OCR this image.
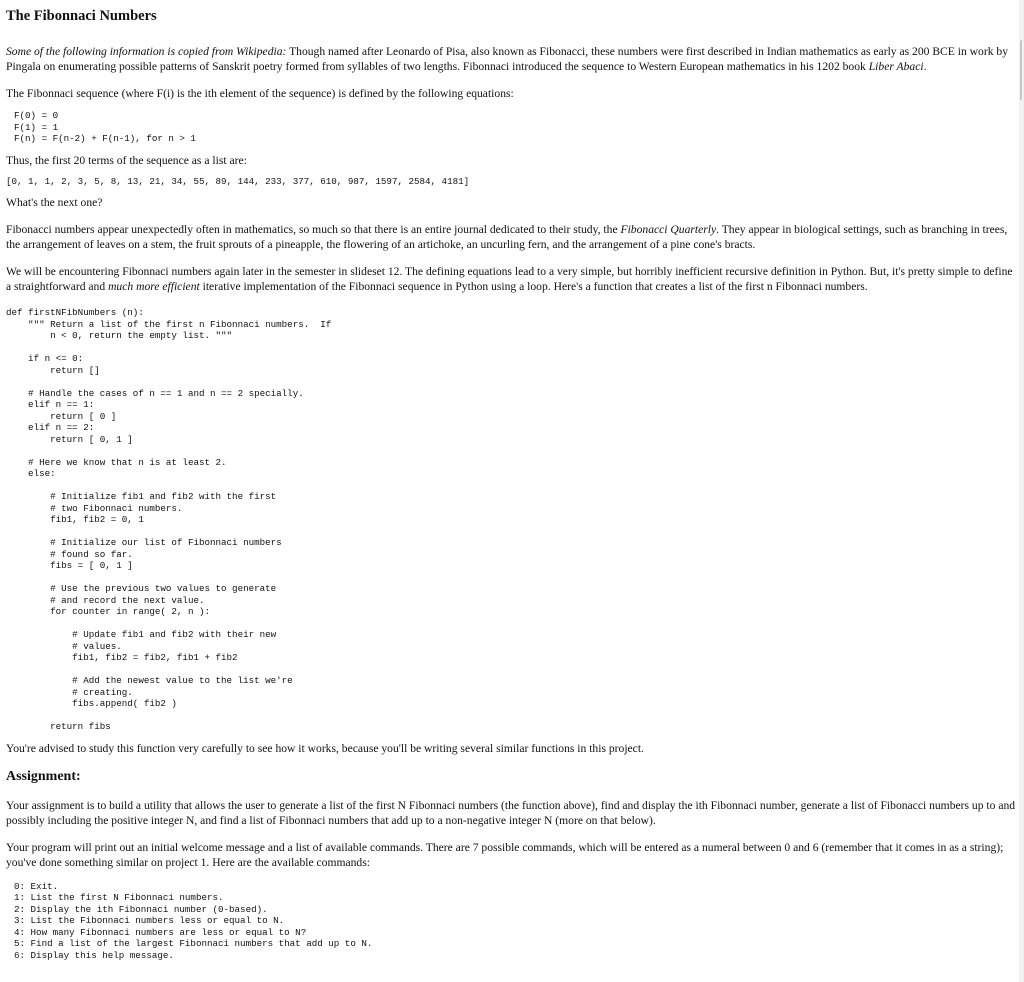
The Fibonnaci Numbers

Some of the following information is copied from Wikipedia: Though named after Leonardo of Pisa, also known as Fibonacci, these numbers were first described in Indian mathematics as early as 200 BCE in work by Pingala on enumerating possible patterns of Sanskrit poetry formed from syllables of two lengths. Fibonnaci introduced the sequence to Western European mathematics in his 1202 book Liber Abaci.

The Fibonnaci sequence (where F(i) is the ith element of the sequence) is defined by the following equations:

F(0) = 0
F(1) = 1
F(n) = F(n-2) + F(n-1), for n > 1

Thus, the first 20 terms of the sequence as a list are:

[0, 1, 1, 2, 3, 5, 8, 13, 21, 34, 55, 89, 144, 233, 377, 610, 987, 1597, 2584, 4181]

What's the next one?

Fibonacci numbers appear unexpectedly often in mathematics, so much so that there is an entire journal dedicated to their study, the Fibonacci Quarterly. They appear in biological settings, such as branching in trees, the arrangement of leaves on a stem, the fruit sprouts of a pineapple, the flowering of an artichoke, an uncurling fern, and the arrangement of a pine cone's bracts.

We will be encountering Fibonnaci numbers again later in the semester in slideset 12. The defining equations lead to a very simple, but horribly inefficient recursive definition in Python. But, it's pretty simple to define a straightforward and much more efficient iterative implementation of the Fibonnaci sequence in Python using a loop. Here's a function that creates a list of the first n Fibonnaci numbers.

def firstNFibNumbers (n):
""" Return a list of the first n Fibonnaci numbers.  If
n < 0, return the empty list. """

if n <= 0:
return []

# Handle the cases of n == 1 and n == 2 specially.
elif n == 1:
return [ 0 ]
elif n == 2:
return [ 0, 1 ]

# Here we know that n is at least 2.
else:

# Initialize fib1 and fib2 with the first
# two Fibonnaci numbers.
fib1, fib2 = 0, 1

# Initialize our list of Fibonnaci numbers
# found so far.
fibs = [ 0, 1 ]

# Use the previous two values to generate
# and record the next value.
for counter in range( 2, n ):

# Update fib1 and fib2 with their new
# values.
fib1, fib2 = fib2, fib1 + fib2

# Add the newest value to the list we're
# creating.
fibs.append( fib2 )

return fibs

You're advised to study this function very carefully to see how it works, because you'll be writing several similar functions in this project.

Assignment:

Your assignment is to build a utility that allows the user to generate a list of the first N Fibonnaci numbers (the function above), find and display the ith Fibonnaci number, generate a list of Fibonacci numbers up to and possibly including the positive integer N, and find a list of Fibonnaci numbers that add up to a non-negative integer N (more on that below).

Your program will print out an initial welcome message and a list of available commands. There are 7 possible commands, which will be entered as a numeral between 0 and 6 (remember that it comes in as a string); you've done something similar on project 1. Here are the available commands:

0: Exit.
1: List the first N Fibonnaci numbers.
2: Display the ith Fibonnaci number (0-based).
3: List the Fibonnaci numbers less or equal to N.
4: How many Fibonnaci numbers are less or equal to N?
5: Find a list of the largest Fibonnaci numbers that add up to N.
6: Display this help message.
